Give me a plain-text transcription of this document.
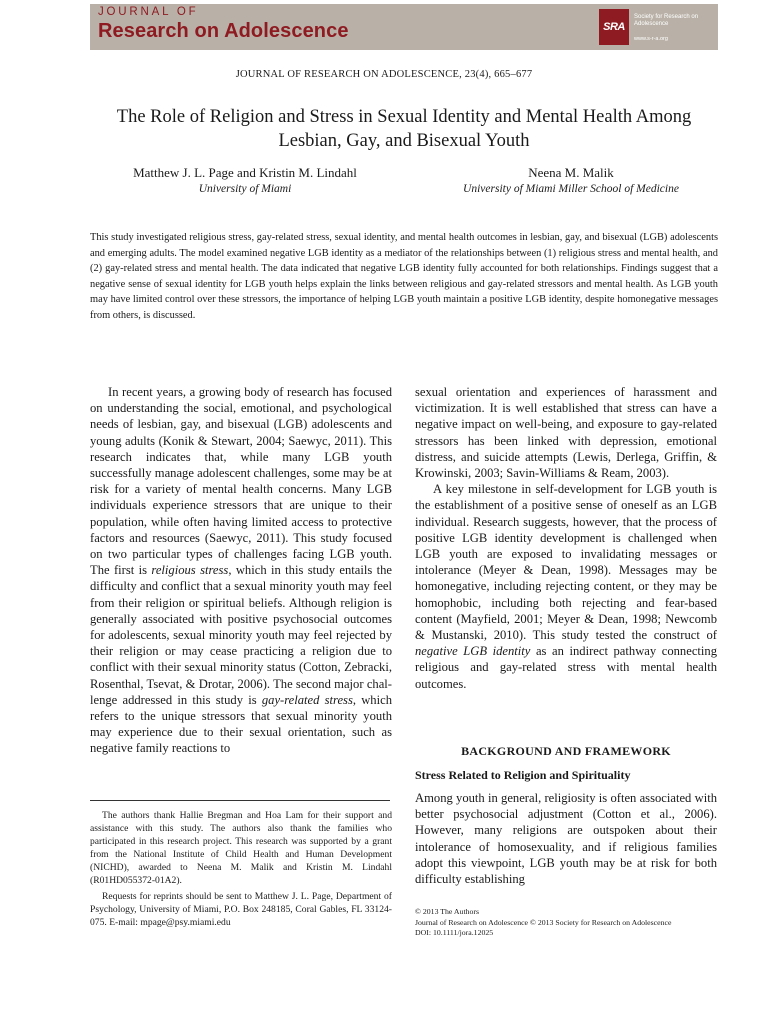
JOURNAL OF
Research on Adolescence	SRA
Society for Research on Adolescence
www.s-r-a.org
JOURNAL OF RESEARCH ON ADOLESCENCE, 23(4), 665–677
The Role of Religion and Stress in Sexual Identity and Mental Health Among Lesbian, Gay, and Bisexual Youth
Matthew J. L. Page and Kristin M. Lindahl
University of Miami
Neena M. Malik
University of Miami Miller School of Medicine
This study investigated religious stress, gay-related stress, sexual identity, and mental health outcomes in lesbian, gay, and bisexual (LGB) adolescents and emerging adults. The model examined negative LGB identity as a mediator of the relationships between (1) religious stress and mental health, and (2) gay-related stress and mental health. The data indicated that negative LGB identity fully accounted for both relationships. Findings suggest that a negative sense of sexual identity for LGB youth helps explain the links between religious and gay-related stressors and mental health. As LGB youth may have limited control over these stressors, the importance of helping LGB youth maintain a positive LGB identity, despite homonegative messages from others, is discussed.

In recent years, a growing body of research has focused on understanding the social, emotional, and psychological needs of lesbian, gay, and bisexual (LGB) adolescents and young adults (Konik & Stewart, 2004; Saewyc, 2011). This research indicates that, while many LGB youth successfully manage adolescent challenges, some may be at risk for a variety of mental health concerns. Many LGB individuals experience stressors that are unique to their population, while often having limited access to protective factors and resources (Saewyc, 2011). This study focused on two particular types of challenges facing LGB youth. The first is religious stress, which in this study entails the difficulty and conflict that a sexual minority youth may feel from their religion or spiritual beliefs. Although religion is generally associated with positive psychosocial outcomes for adolescents, sexual minority youth may feel rejected by their religion or may cease practicing a religion due to conflict with their sexual minority status (Cotton, Zebracki, Rosenthal, Tsevat, & Drotar, 2006). The second major challenge addressed in this study is gay-related stress, which refers to the unique stressors that sexual minority youth may experience due to their sexual orientation, such as negative family reactions to

The authors thank Hallie Bregman and Hoa Lam for their support and assistance with this study. The authors also thank the families who participated in this research project. This research was supported by a grant from the National Institute of Child Health and Human Development (NICHD), awarded to Neena M. Malik and Kristin M. Lindahl (R01HD055372-01A2).

Requests for reprints should be sent to Matthew J. L. Page, Department of Psychology, University of Miami, P.O. Box 248185, Coral Gables, FL 33124-075. E-mail: mpage@psy.miami.edu

sexual orientation and experiences of harassment and victimization. It is well established that stress can have a negative impact on well-being, and exposure to gay-related stressors has been linked with depression, emotional distress, and suicide attempts (Lewis, Derlega, Griffin, & Krowinski, 2003; Savin-Williams & Ream, 2003).

A key milestone in self-development for LGB youth is the establishment of a positive sense of oneself as an LGB individual. Research suggests, however, that the process of positive LGB identity development is challenged when LGB youth are exposed to invalidating messages or intolerance (Meyer & Dean, 1998). Messages may be homonegative, including rejecting content, or they may be homophobic, including both rejecting and fear-based content (Mayfield, 2001; Meyer & Dean, 1998; Newcomb & Mustanski, 2010). This study tested the construct of negative LGB identity as an indirect pathway connecting religious and gay-related stress with mental health outcomes.

BACKGROUND AND FRAMEWORK
Stress Related to Religion and Spirituality

Among youth in general, religiosity is often associated with better psychosocial adjustment (Cotton et al., 2006). However, many religions are outspoken about their intolerance of homosexuality, and if religious families adopt this viewpoint, LGB youth may be at risk for both difficulty establishing

© 2013 The Authors
Journal of Research on Adolescence © 2013 Society for Research on Adolescence
DOI: 10.1111/jora.12025
